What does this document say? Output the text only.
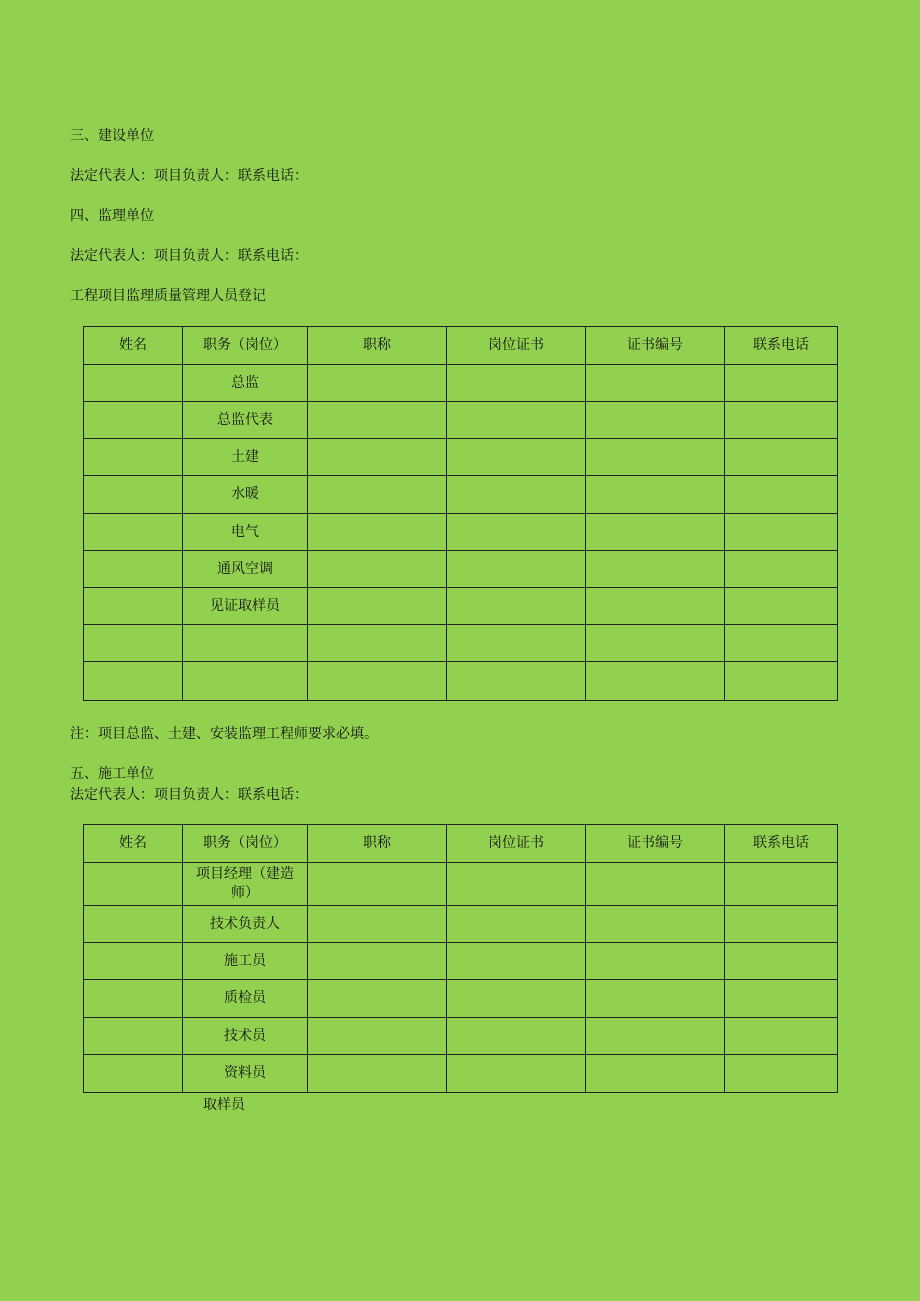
三、建设单位
法定代表人：项目负责人：联系电话：
四、监理单位
法定代表人：项目负责人：联系电话：
工程项目监理质量管理人员登记
姓名	职务（岗位）	职称	岗位证书	证书编号	联系电话
	总监				
	总监代表				
	土建				
	水暖				
	电气				
	通风空调				
	见证取样员				

注：项目总监、土建、安装监理工程师要求必填。
五、施工单位
法定代表人：项目负责人：联系电话：
姓名	职务（岗位）	职称	岗位证书	证书编号	联系电话
	项目经理（建造师）				
	技术负责人				
	施工员				
	质检员				
	技术员				
	资料员				
取样员
